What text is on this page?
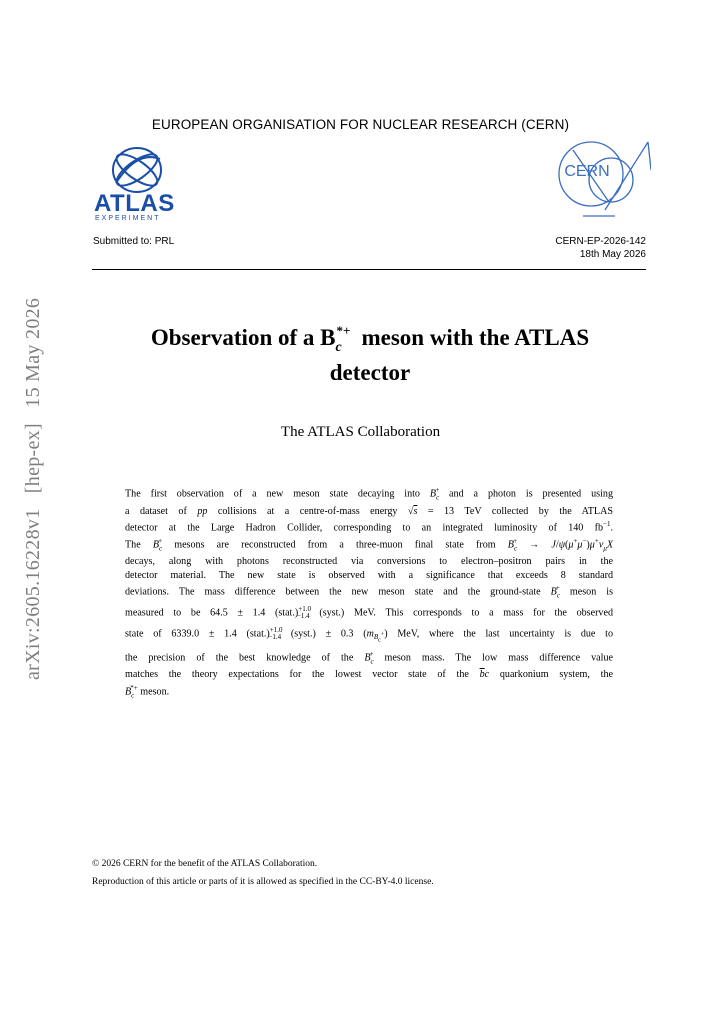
EUROPEAN ORGANISATION FOR NUCLEAR RESEARCH (CERN)
ATLAS
EXPERIMENT
CERN
Submitted to: PRL	CERN-EP-2026-142
18th May 2026
arXiv:2605.16228v1 [hep-ex] 15 May 2026	Observation of a B *+
$_c$ meson with the ATLAS
detector
The ATLAS Collaboration
The first observation of a new meson state decaying into $B_c^+$ and a photon is presented using
a dataset of pp collisions at a centre-of-mass energy √s = 13 TeV collected by the ATLAS
detector at the Large Hadron Collider, corresponding to an integrated luminosity of 140 $fb^{-1}$.
The $B_c^+$ mesons are reconstructed from a three-muon final state from $B_c^+ \to J/\psi(\mu^+\mu^-)\mu^+\nu_\mu X$
decays, along with photons reconstructed via conversions to electron–positron pairs in the
detector material. The new state is observed with a significance that exceeds 8 standard
deviations. The mass difference between the new meson state and the ground-state $B_c^+$ meson is
measured to be 64.5 ± 1.4 (stat.)$^{+1.0}_{-1.4}$ (syst.) MeV. This corresponds to a mass for the observed
state of 6339.0 ± 1.4 (stat.)$^{+1.0}_{-1.4}$ (syst.) ± 0.3 $(m_{B_c^+})$ MeV, where the last uncertainty is due to
the precision of the best knowledge of the $B_c^+$ meson mass. The low mass difference value
matches the theory expectations for the lowest vector state of the $\overline{b}c$ quarkonium system, the
$B_c^{*+}$ meson.
© 2026 CERN for the benefit of the ATLAS Collaboration.
Reproduction of this article or parts of it is allowed as specified in the CC-BY-4.0 license.
